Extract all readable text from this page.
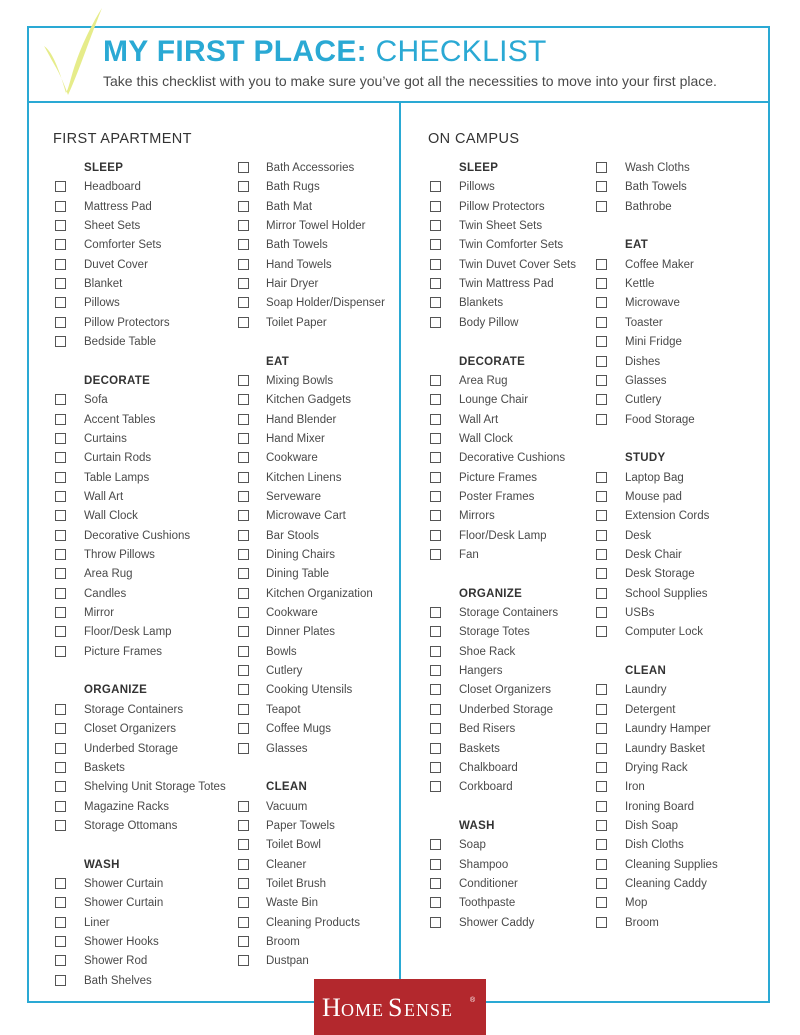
MY FIRST PLACE: CHECKLIST

Take this checklist with you to make sure you’ve got all the necessities to move into your first place.

FIRST APARTMENT	ON CAMPUS
SLEEP
Headboard
Mattress Pad
Sheet Sets
Comforter Sets
Duvet Cover
Blanket
Pillows
Pillow Protectors
Bedside Table
DECORATE
Sofa
Accent Tables
Curtains
Curtain Rods
Table Lamps
Wall Art
Wall Clock
Decorative Cushions
Throw Pillows
Area Rug
Candles
Mirror
Floor/Desk Lamp
Picture Frames
ORGANIZE
Storage Containers
Closet Organizers
Underbed Storage
Baskets
Shelving Unit Storage Totes
Magazine Racks
Storage Ottomans
WASH
Shower Curtain
Shower Curtain
Liner
Shower Hooks
Shower Rod
Bath Shelves
Bath Accessories
Bath Rugs
Bath Mat
Mirror Towel Holder
Bath Towels
Hand Towels
Hair Dryer
Soap Holder/Dispenser
Toilet Paper
EAT
Mixing Bowls
Kitchen Gadgets
Hand Blender
Hand Mixer
Cookware
Kitchen Linens
Serveware
Microwave Cart
Bar Stools
Dining Chairs
Dining Table
Kitchen Organization
Cookware
Dinner Plates
Bowls
Cutlery
Cooking Utensils
Teapot
Coffee Mugs
Glasses
CLEAN
Vacuum
Paper Towels
Toilet Bowl
Cleaner
Toilet Brush
Waste Bin
Cleaning Products
Broom
Dustpan
SLEEP
Pillows
Pillow Protectors
Twin Sheet Sets
Twin Comforter Sets
Twin Duvet Cover Sets
Twin Mattress Pad
Blankets
Body Pillow
DECORATE
Area Rug
Lounge Chair
Wall Art
Wall Clock
Decorative Cushions
Picture Frames
Poster Frames
Mirrors
Floor/Desk Lamp
Fan
ORGANIZE
Storage Containers
Storage Totes
Shoe Rack
Hangers
Closet Organizers
Underbed Storage
Bed Risers
Baskets
Chalkboard
Corkboard
WASH
Soap
Shampoo
Conditioner
Toothpaste
Shower Caddy
Wash Cloths
Bath Towels
Bathrobe
EAT
Coffee Maker
Kettle
Microwave
Toaster
Mini Fridge
Dishes
Glasses
Cutlery
Food Storage
STUDY
Laptop Bag
Mouse pad
Extension Cords
Desk
Desk Chair
Desk Storage
School Supplies
USBs
Computer Lock
CLEAN
Laundry
Detergent
Laundry Hamper
Laundry Basket
Drying Rack
Iron
Ironing Board
Dish Soap
Dish Cloths
Cleaning Supplies
Cleaning Caddy
Mop
Broom
H OME S ENSE ®
